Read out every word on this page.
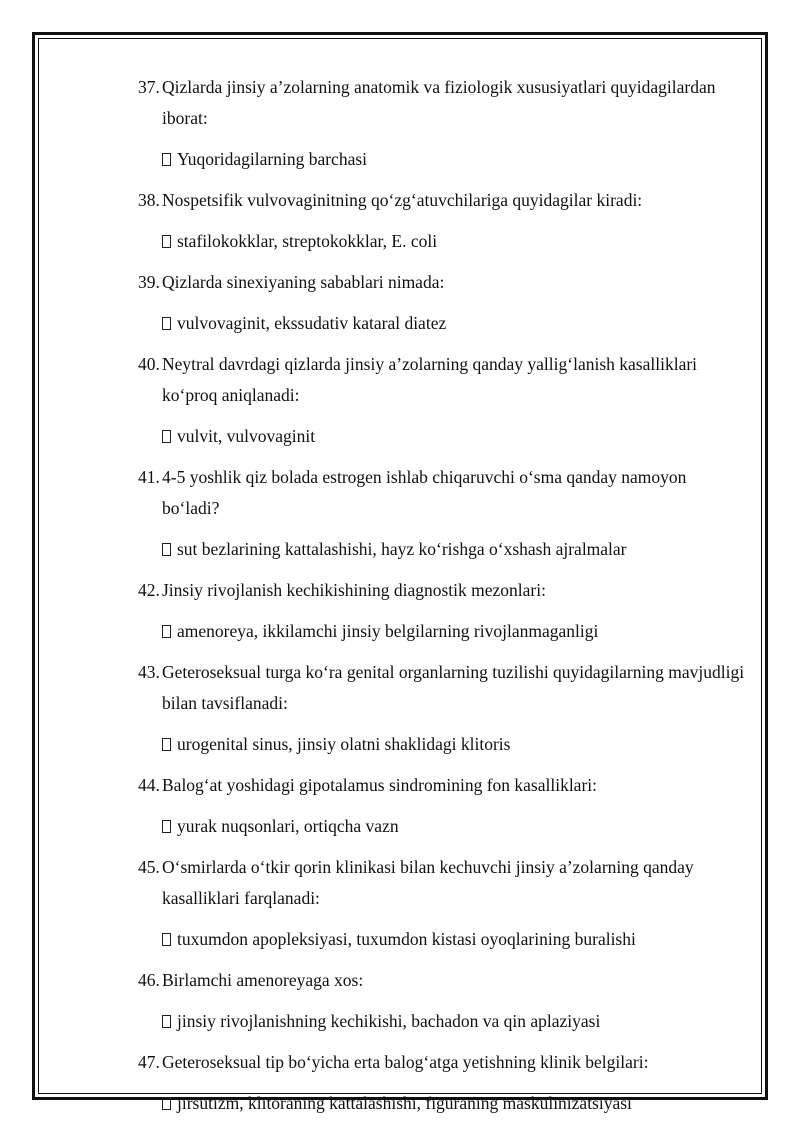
37. Qizlarda jinsiy a’zolarning anatomik va fiziologik xususiyatlari quyidagilardan iborat:

Yuqoridagilarning barchasi

38. Nospetsifik vulvovaginitning qo‘zg‘atuvchilariga quyidagilar kiradi:

stafilokokklar, streptokokklar, E. coli

39. Qizlarda sinexiyaning sabablari nimada:

vulvovaginit, ekssudativ kataral diatez

40. Neytral davrdagi qizlarda jinsiy a’zolarning qanday yallig‘lanish kasalliklari ko‘proq aniqlanadi:

vulvit, vulvovaginit

41. 4-5 yoshlik qiz bolada estrogen ishlab chiqaruvchi o‘sma qanday namoyon bo‘ladi?

sut bezlarining kattalashishi, hayz ko‘rishga o‘xshash ajralmalar

42. Jinsiy rivojlanish kechikishining diagnostik mezonlari:

amenoreya, ikkilamchi jinsiy belgilarning rivojlanmaganligi

43. Geteroseksual turga ko‘ra genital organlarning tuzilishi quyidagilarning mavjudligi bilan tavsiflanadi:

urogenital sinus, jinsiy olatni shaklidagi klitoris

44. Balog‘at yoshidagi gipotalamus sindromining fon kasalliklari:

yurak nuqsonlari, ortiqcha vazn

45. O‘smirlarda o‘tkir qorin klinikasi bilan kechuvchi jinsiy a’zolarning qanday kasalliklari farqlanadi:

tuxumdon apopleksiyasi, tuxumdon kistasi oyoqlarining buralishi

46. Birlamchi amenoreyaga xos:

jinsiy rivojlanishning kechikishi, bachadon va qin aplaziyasi

47. Geteroseksual tip bo‘yicha erta balog‘atga yetishning klinik belgilari:

jirsutizm, klitoraning kattalashishi, figuraning maskulinizatsiyasi
